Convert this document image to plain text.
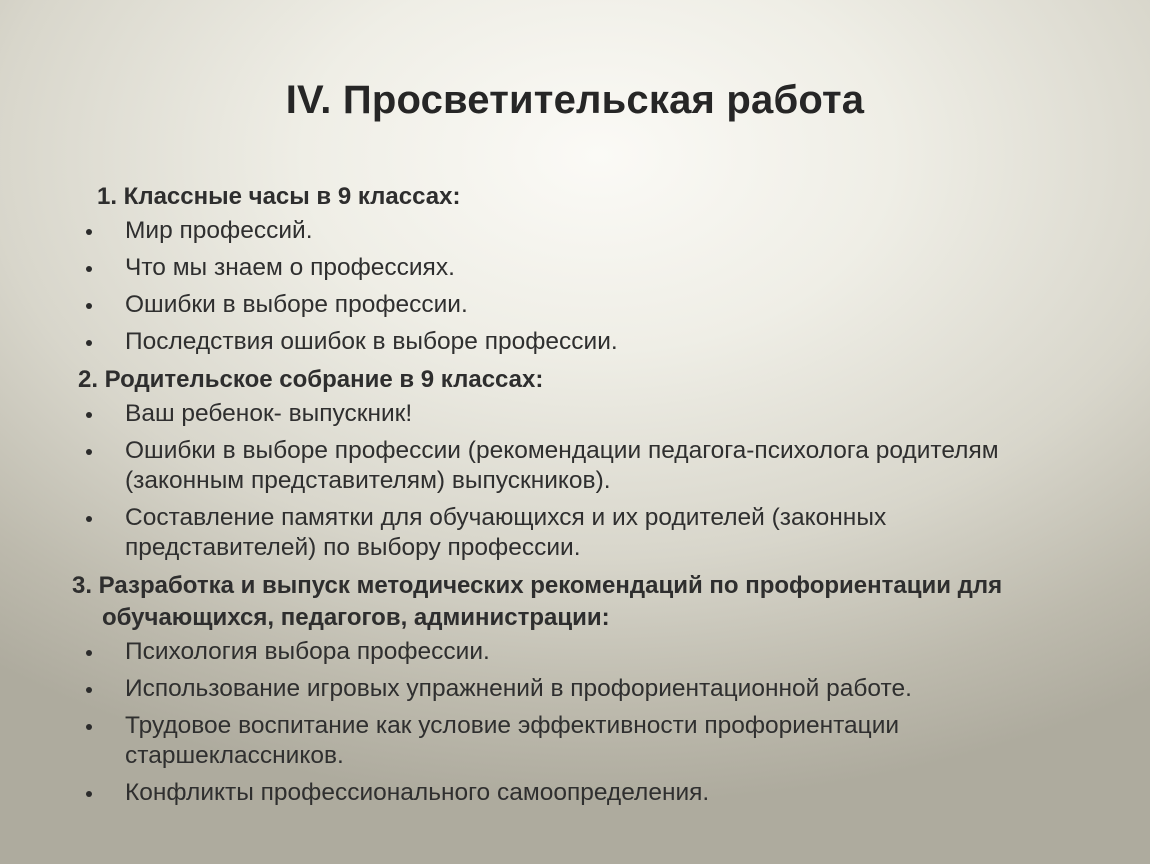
IV. Просветительская работа
1. Классные часы в 9 классах:
Мир профессий.
Что мы знаем о профессиях.
Ошибки в выборе профессии.
Последствия ошибок в выборе профессии.
2. Родительское собрание в 9 классах:
Ваш ребенок- выпускник!
Ошибки в выборе профессии (рекомендации педагога-психолога родителям (законным представителям) выпускников).
Составление памятки для обучающихся и их родителей (законных представителей) по выбору профессии.
3. Разработка и выпуск методических рекомендаций по профориентации для обучающихся, педагогов, администрации:
Психология выбора профессии.
Использование игровых упражнений в профориентационной работе.
Трудовое воспитание как условие эффективности профориентации старшеклассников.
Конфликты профессионального самоопределения.
